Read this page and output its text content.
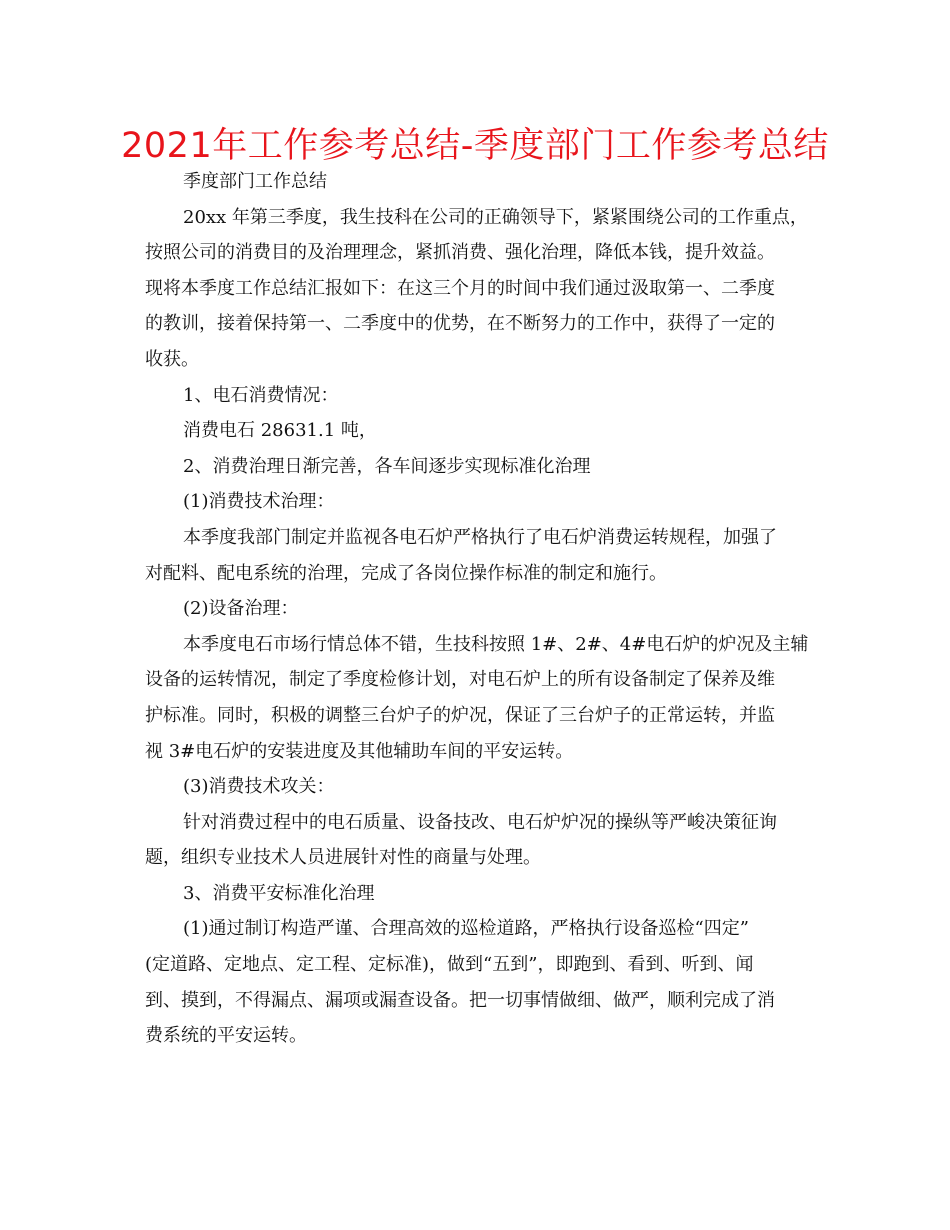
2021年工作参考总结-季度部门工作参考总结
季度部门工作总结
20xx 年第三季度，我生技科在公司的正确领导下，紧紧围绕公司的工作重点，
按照公司的消费目的及治理理念，紧抓消费、强化治理，降低本钱，提升效益。
现将本季度工作总结汇报如下：在这三个月的时间中我们通过汲取第一、二季度
的教训，接着保持第一、二季度中的优势，在不断努力的工作中，获得了一定的
收获。
1、电石消费情况：
消费电石 28631.1 吨，
2、消费治理日渐完善，各车间逐步实现标准化治理
(1)消费技术治理：
本季度我部门制定并监视各电石炉严格执行了电石炉消费运转规程，加强了
对配料、配电系统的治理，完成了各岗位操作标准的制定和施行。
(2)设备治理：
本季度电石市场行情总体不错，生技科按照 1#、2#、4#电石炉的炉况及主辅
设备的运转情况，制定了季度检修计划，对电石炉上的所有设备制定了保养及维
护标准。同时，积极的调整三台炉子的炉况，保证了三台炉子的正常运转，并监
视 3#电石炉的安装进度及其他辅助车间的平安运转。
(3)消费技术攻关：
针对消费过程中的电石质量、设备技改、电石炉炉况的操纵等严峻决策征询
题，组织专业技术人员进展针对性的商量与处理。
3、消费平安标准化治理
(1)通过制订构造严谨、合理高效的巡检道路，严格执行设备巡检“四定”
(定道路、定地点、定工程、定标准)，做到“五到”，即跑到、看到、听到、闻
到、摸到，不得漏点、漏项或漏查设备。把一切事情做细、做严，顺利完成了消
费系统的平安运转。
